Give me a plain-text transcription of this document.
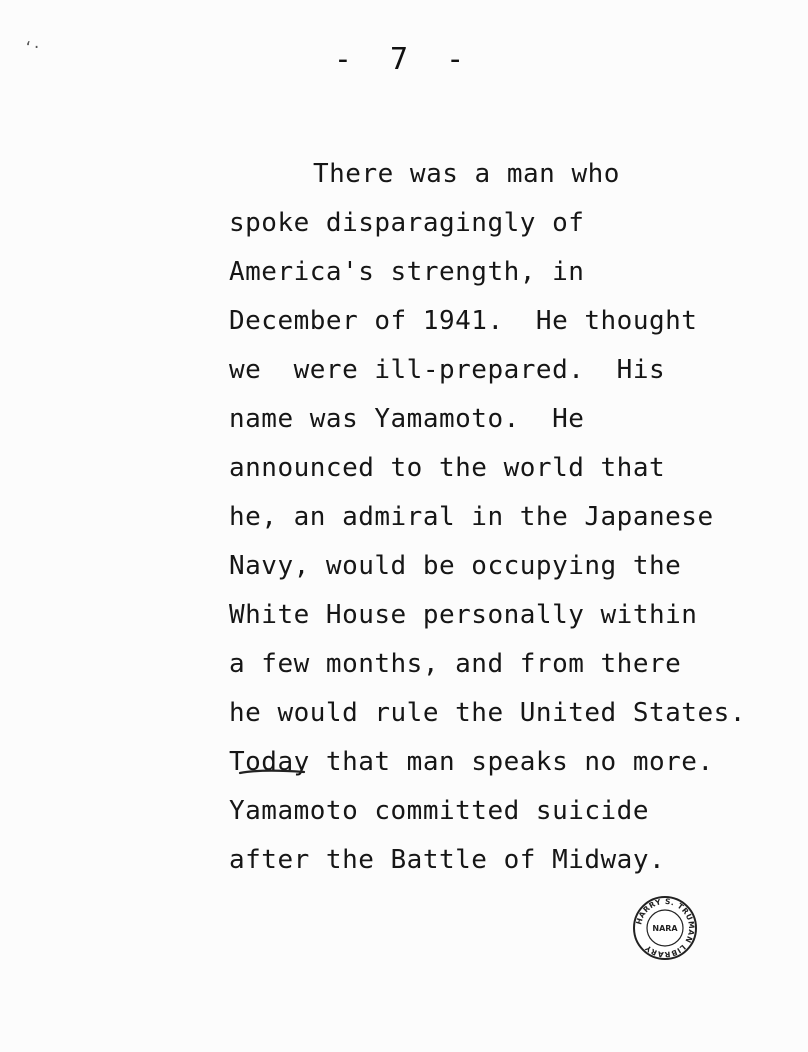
‘·	- 7 -
There was a man who
spoke disparagingly of
America's strength, in
December of 1941.  He thought
we  were ill-prepared.  His
name was Yamamoto.  He
announced to the world that
he, an admiral in the Japanese
Navy, would be occupying the
White House personally within
a few months, and from there
he would rule the United States.
Today that man speaks no more.
Yamamoto committed suicide
after the Battle of Midway.
HARRY S. TRUMAN LIBRARY
NARA
